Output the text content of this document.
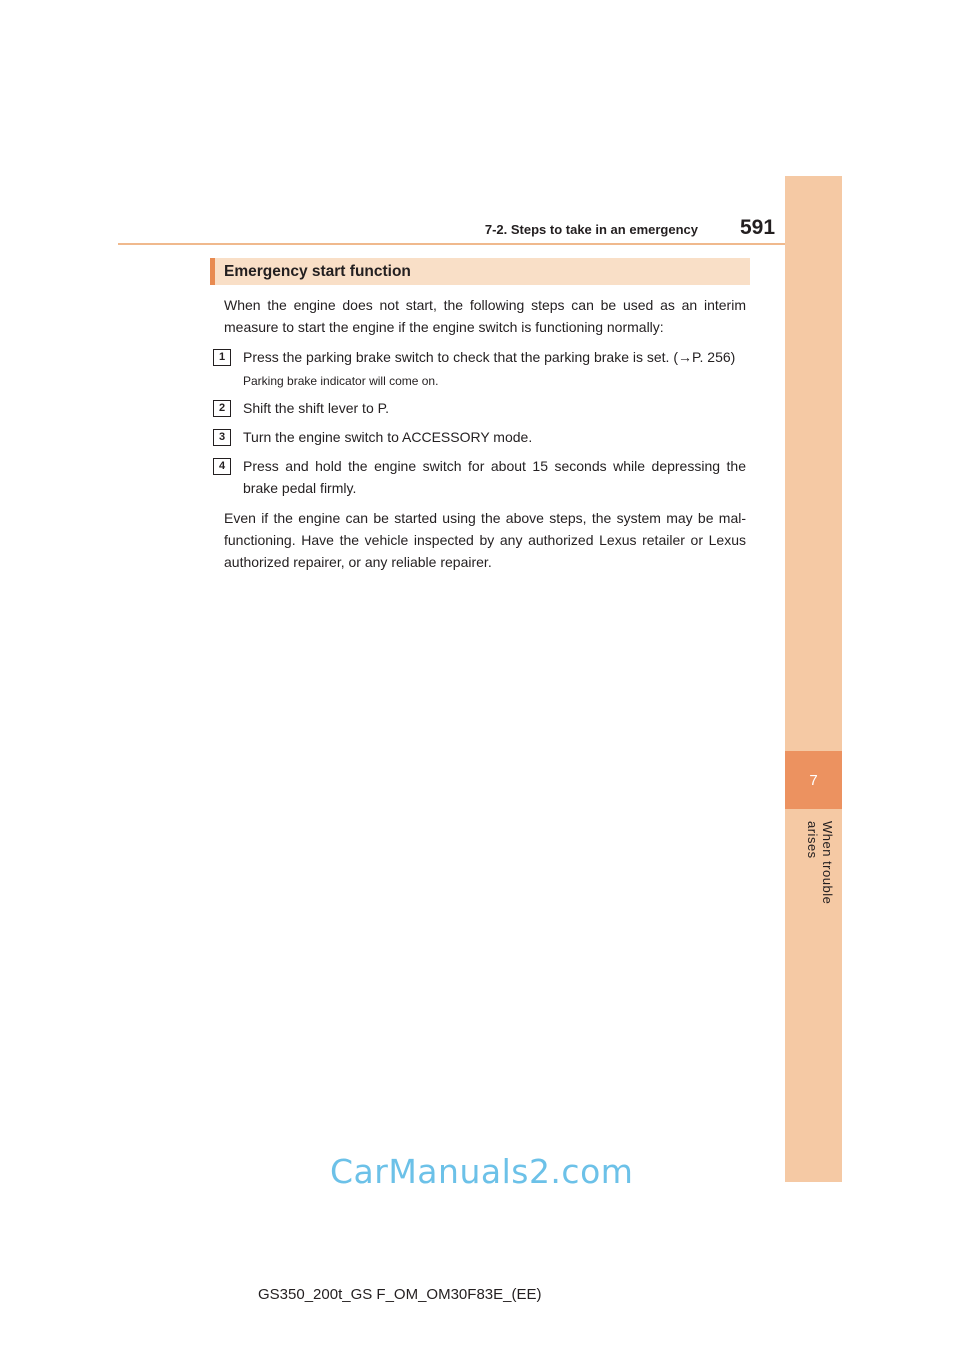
7-2. Steps to take in an emergency 591
7
When trouble arises
Emergency start function

When the engine does not start, the following steps can be used as an interim measure to start the engine if the engine switch is functioning normally:

1	Press the parking brake switch to check that the parking brake is set. (→P. 256)
Parking brake indicator will come on.
2	Shift the shift lever to P.
3	Turn the engine switch to ACCESSORY mode.
4	Press and hold the engine switch for about 15 seconds while depressing the brake pedal firmly.

Even if the engine can be started using the above steps, the system may be mal-functioning. Have the vehicle inspected by any authorized Lexus retailer or Lexus authorized repairer, or any reliable repairer.

CarManuals2.com
GS350_200t_GS F_OM_OM30F83E_(EE)
